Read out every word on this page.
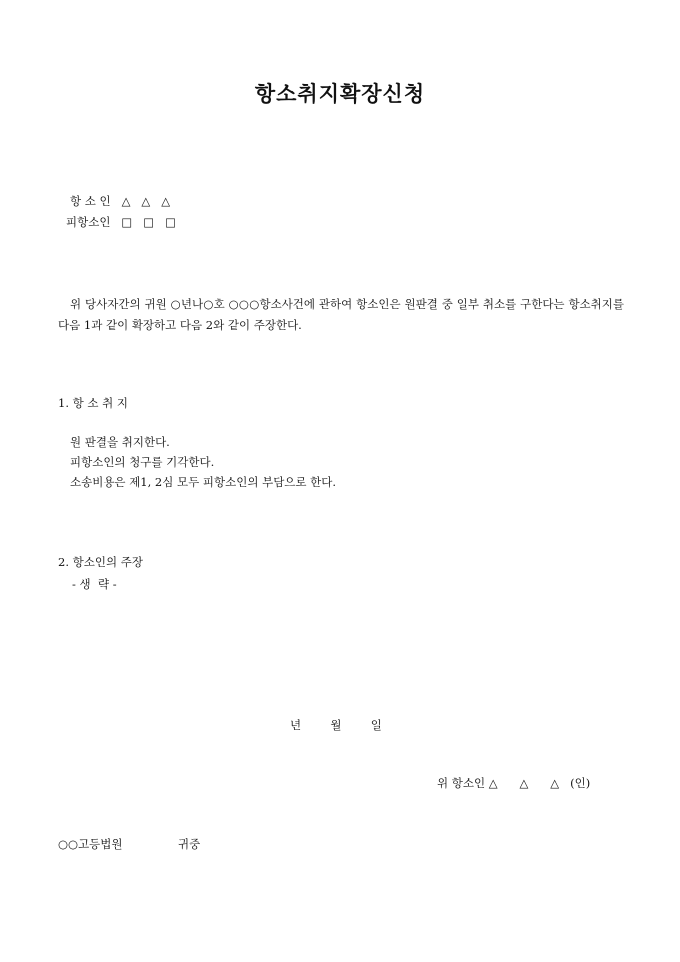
항소취지확장신청
항 소 인   △   △   △
피항소인   □   □   □
위 당사자간의 귀원 ○년나○호 ○○○항소사건에 관하여 항소인은 원판결 중 일부 취소를 구한다는 항소취지를 다음 1과 같이 확장하고 다음 2와 같이 주장한다.
1. 항 소 취 지
원 판결을 취지한다.
피항소인의 청구를 기각한다.
소송비용은 제1, 2심 모두 피항소인의 부담으로 한다.
2. 항소인의 주장
- 생  략 -
년        월        일
위 항소인 △      △      △   (인)
○○고등법원	귀중
